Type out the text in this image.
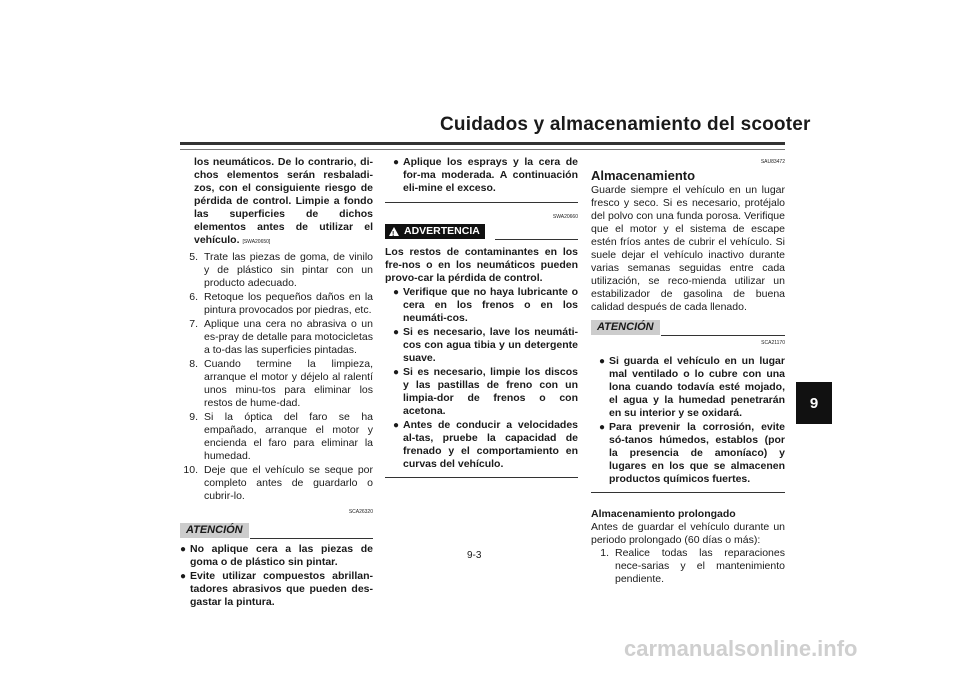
Cuidados y almacenamiento del scooter
9
los neumáticos. De lo contrario, di-chos elementos serán resbaladi-zos, con el consiguiente riesgo de pérdida de control. Limpie a fondo las superficies de dichos elementos antes de utilizar el vehículo. [SWA20650]
5. Trate las piezas de goma, de vinilo y de plástico sin pintar con un producto adecuado.
6. Retoque los pequeños daños en la pintura provocados por piedras, etc.
7. Aplique una cera no abrasiva o un es-pray de detalle para motocicletas a to-das las superficies pintadas.
8. Cuando termine la limpieza, arranque el motor y déjelo al ralentí unos minu-tos para eliminar los restos de hume-dad.
9. Si la óptica del faro se ha empañado, arranque el motor y encienda el faro para eliminar la humedad.
10. Deje que el vehículo se seque por completo antes de guardarlo o cubrir-lo.
SCA26320
ATENCIÓN
● No aplique cera a las piezas de goma o de plástico sin pintar.
● Evite utilizar compuestos abrillan-tadores abrasivos que pueden des-gastar la pintura.
● Aplique los esprays y la cera de for-ma moderada. A continuación eli-mine el exceso.
SWA20660
! ADVERTENCIA
Los restos de contaminantes en los fre-nos o en los neumáticos pueden provo-car la pérdida de control.
● Verifique que no haya lubricante o cera en los frenos o en los neumáti-cos.
● Si es necesario, lave los neumáti-cos con agua tibia y un detergente suave.
● Si es necesario, limpie los discos y las pastillas de freno con un limpia-dor de frenos o con acetona.
● Antes de conducir a velocidades al-tas, pruebe la capacidad de frenado y el comportamiento en curvas del vehículo.
SAU83472
Almacenamiento
Guarde siempre el vehículo en un lugar fresco y seco. Si es necesario, protéjalo del polvo con una funda porosa. Verifique que el motor y el sistema de escape estén fríos antes de cubrir el vehículo. Si suele dejar el vehículo inactivo durante varias semanas seguidas entre cada utilización, se reco-mienda utilizar un estabilizador de gasolina de buena calidad después de cada llenado.
ATENCIÓN
SCA21170
● Si guarda el vehículo en un lugar mal ventilado o lo cubre con una lona cuando todavía esté mojado, el agua y la humedad penetrarán en su interior y se oxidará.
● Para prevenir la corrosión, evite só-tanos húmedos, establos (por la presencia de amoníaco) y lugares en los que se almacenen productos químicos fuertes.
Almacenamiento prolongado
Antes de guardar el vehículo durante un periodo prolongado (60 días o más):
1. Realice todas las reparaciones nece-sarias y el mantenimiento pendiente.
9-3
carmanualsonline.info
